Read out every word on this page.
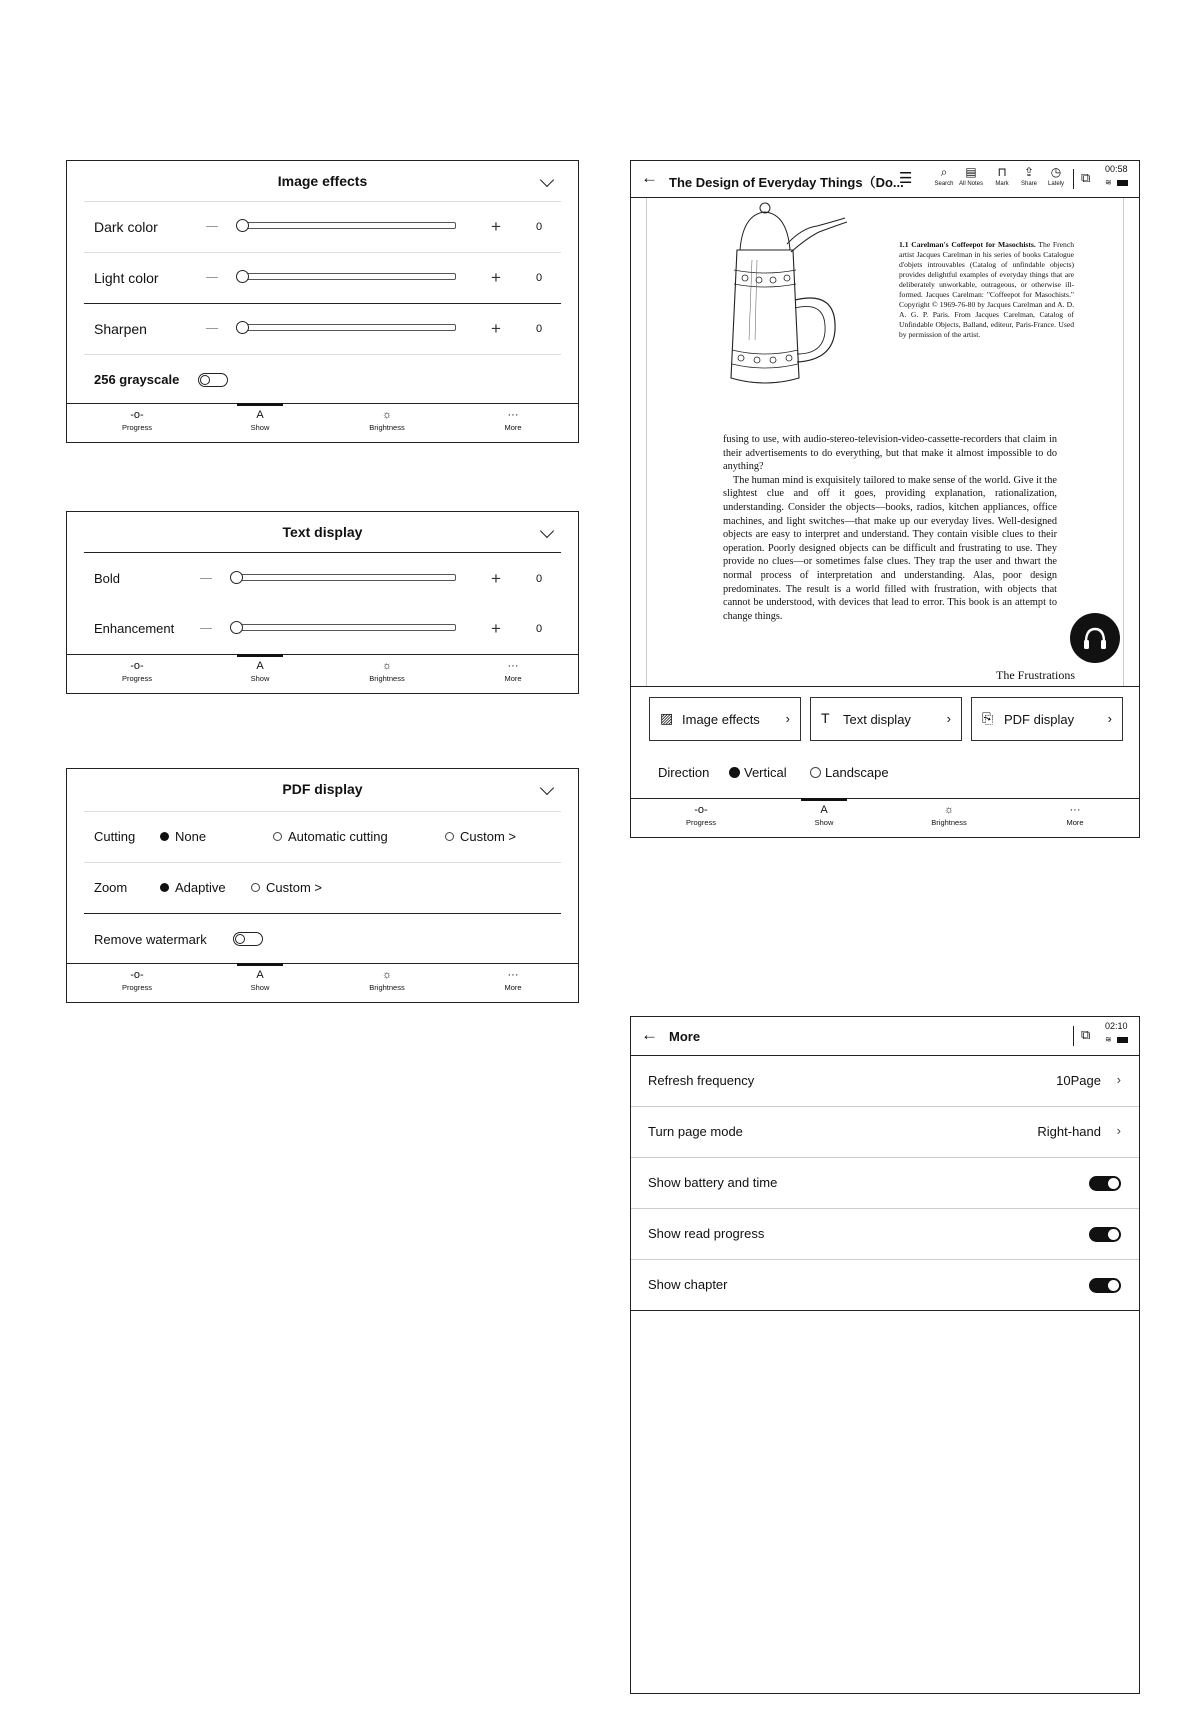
Image effects
Dark color	+	0
Light color	+	0
Sharpen	+	0
256 grayscale
-o-
Progress
A
Show
☼
Brightness
···
More
Text display
Bold	+	0
Enhancement	+	0
-o-
Progress
A
Show
☼
Brightness
···
More
PDF display
Cutting	None	Automatic cutting	Custom >
Zoom	Adaptive	Custom >
Remove watermark
-o-
Progress
A
Show
☼
Brightness
···
More
← The Design of Everyday Things（Do...
☰	⌕
Search
▤
All Notes
⊓
Mark
⇪
Share
◷
Lately	⧉
00:58
≋
1.1 Carelman's Coffeepot for Masochists. The French artist Jacques Carelman in his series of books Catalogue d'objets introuvables (Catalog of unfindable objects) provides delightful examples of everyday things that are deliberately unworkable, outrageous, or otherwise ill-formed. Jacques Carelman: "Coffeepot for Masochists." Copyright © 1969-76-80 by Jacques Carelman and A. D. A. G. P. Paris. From Jacques Carelman, Catalog of Unfindable Objects, Balland, editeur, Paris-France. Used by permission of the artist.

fusing to use, with audio-stereo-television-video-cassette-recorders that claim in their advertisements to do everything, but that make it almost impossible to do anything?

The human mind is exquisitely tailored to make sense of the world. Give it the slightest clue and off it goes, providing explanation, rationalization, understanding. Consider the objects—books, radios, kitchen appliances, office machines, and light switches—that make up our everyday lives. Well-designed objects are easy to interpret and understand. They contain visible clues to their operation. Poorly designed objects can be difficult and frustrating to use. They provide no clues—or sometimes false clues. They trap the user and thwart the normal process of interpretation and understanding. Alas, poor design predominates. The result is a world filled with frustration, with objects that cannot be understood, with devices that lead to error. This book is an attempt to change things.

The Frustrations
▨ Image effects › T Text display	› ⎘ PDF display	›
Direction	Vertical	Landscape
-o-
Progress
A
Show
☼
Brightness
···
More
← More	⧉
02:10
≋
Refresh frequency	10Page ›
Turn page mode	Right-hand ›
Show battery and time
Show read progress
Show chapter
